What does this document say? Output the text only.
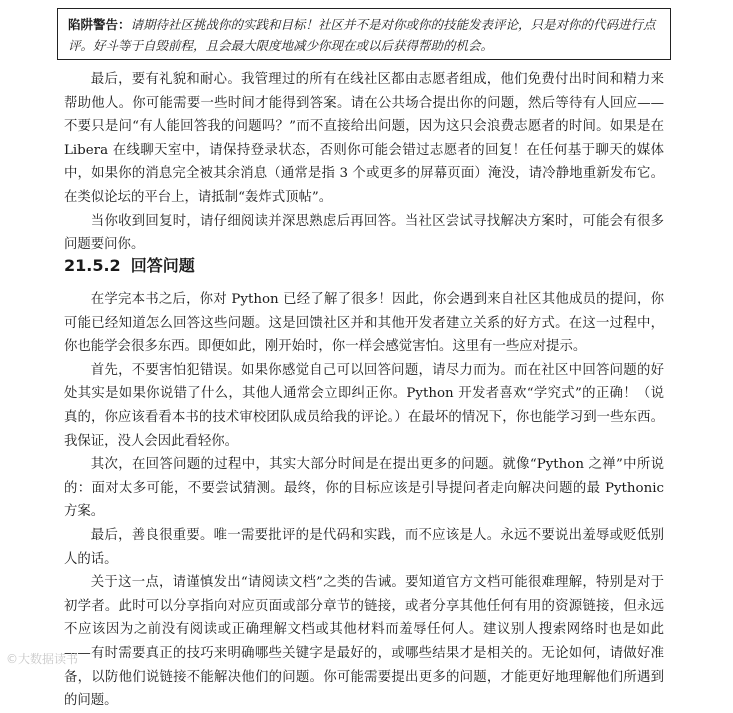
陷阱警告：请期待社区挑战你的实践和目标！社区并不是对你或你的技能发表评论，只是对你的代码进行点评。好斗等于自毁前程，且会最大限度地减少你现在或以后获得帮助的机会。

最后，要有礼貌和耐心。我管理过的所有在线社区都由志愿者组成，他们免费付出时间和精力来帮助他人。你可能需要一些时间才能得到答案。请在公共场合提出你的问题，然后等待有人回应——不要只是问“有人能回答我的问题吗？”而不直接给出问题，因为这只会浪费志愿者的时间。如果是在 Libera 在线聊天室中，请保持登录状态，否则你可能会错过志愿者的回复！在任何基于聊天的媒体中，如果你的消息完全被其余消息（通常是指 3 个或更多的屏幕页面）淹没，请冷静地重新发布它。在类似论坛的平台上，请抵制“轰炸式顶帖”。

当你收到回复时，请仔细阅读并深思熟虑后再回答。当社区尝试寻找解决方案时，可能会有很多问题要问你。

21.5.2 回答问题

在学完本书之后，你对 Python 已经了解了很多！因此，你会遇到来自社区其他成员的提问，你可能已经知道怎么回答这些问题。这是回馈社区并和其他开发者建立关系的好方式。在这一过程中，你也能学会很多东西。即便如此，刚开始时，你一样会感觉害怕。这里有一些应对提示。

首先，不要害怕犯错误。如果你感觉自己可以回答问题，请尽力而为。而在社区中回答问题的好处其实是如果你说错了什么，其他人通常会立即纠正你。Python 开发者喜欢“学究式”的正确！（说真的，你应该看看本书的技术审校团队成员给我的评论。）在最坏的情况下，你也能学习到一些东西。我保证，没人会因此看轻你。

其次，在回答问题的过程中，其实大部分时间是在提出更多的问题。就像“Python 之禅”中所说的：面对太多可能，不要尝试猜测。最终，你的目标应该是引导提问者走向解决问题的最 Pythonic 方案。

最后，善良很重要。唯一需要批评的是代码和实践，而不应该是人。永远不要说出羞辱或贬低别人的话。

关于这一点，请谨慎发出“请阅读文档”之类的告诫。要知道官方文档可能很难理解，特别是对于初学者。此时可以分享指向对应页面或部分章节的链接，或者分享其他任何有用的资源链接，但永远不应该因为之前没有阅读或正确理解文档或其他材料而羞辱任何人。建议别人搜索网络时也是如此——有时需要真正的技巧来明确哪些关键字是最好的，或哪些结果才是相关的。无论如何，请做好准备，以防他们说链接不能解决他们的问题。你可能需要提出更多的问题，才能更好地理解他们所遇到的问题。

©大数据读书
